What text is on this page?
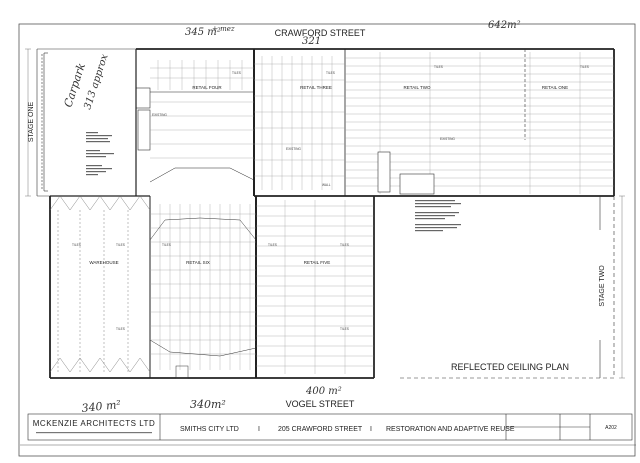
CRAWFORD STREET
VOGEL STREET
STAGE ONE
STAGE TWO
RETAIL FOUR	RETAIL THREE	RETAIL TWO	RETAIL ONE
WAREHOUSE	RETAIL SIX	RETAIL FIVE
REFLECTED CEILING PLAN
TILES	TILES
TILES	TILES
EXISTING
EXISTING
WALL
TILES	TILES	TILES	TILES	TILES
TILES	TILES
EXISTING
345 m²
+ mez
321
642m²
Carpark
313 approx
340 m²	340m²
400 m²
MCKENZIE ARCHITECTS LTD
SMITHS CITY LTD	I	205 CRAWFORD STREET I RESTORATION AND ADAPTIVE REUSE	A202
